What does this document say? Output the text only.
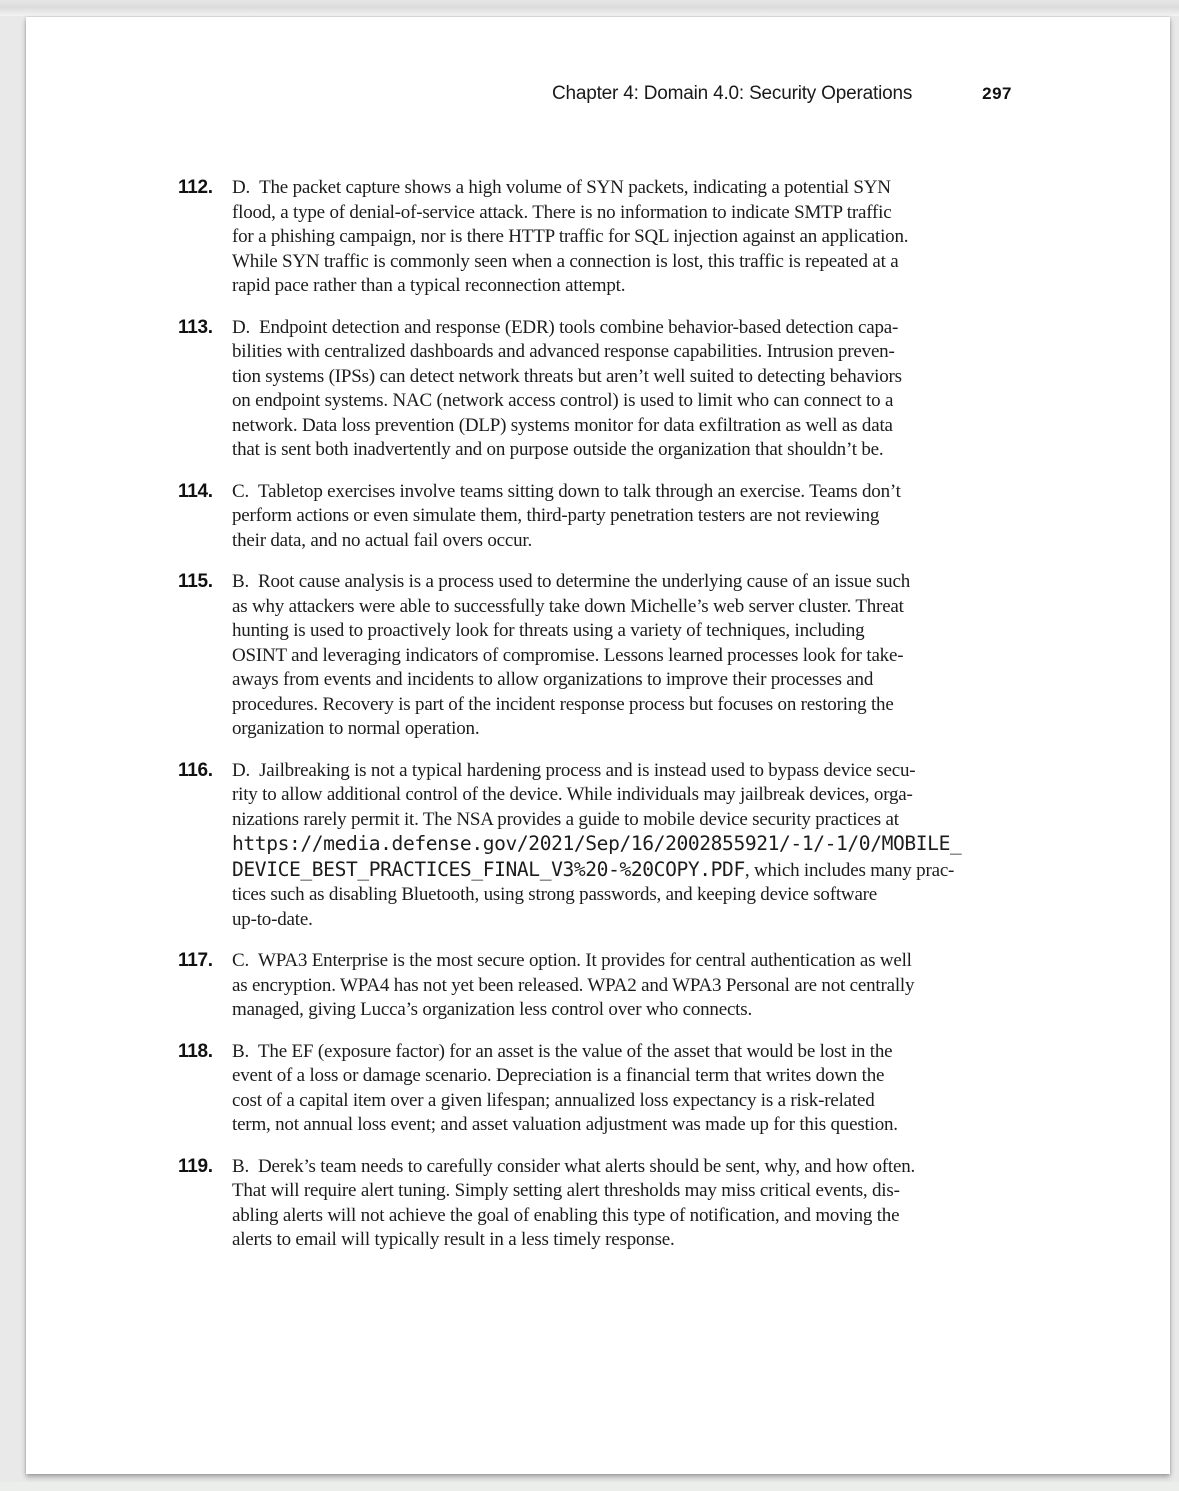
Chapter 4: Domain 4.0: Security Operations	297
112. D. The packet capture shows a high volume of SYN packets, indicating a potential SYN
flood, a type of denial-of-service attack. There is no information to indicate SMTP traffic
for a phishing campaign, nor is there HTTP traffic for SQL injection against an application.
While SYN traffic is commonly seen when a connection is lost, this traffic is repeated at a
rapid pace rather than a typical reconnection attempt.
113. D. Endpoint detection and response (EDR) tools combine behavior-based detection capa-
bilities with centralized dashboards and advanced response capabilities. Intrusion preven-
tion systems (IPSs) can detect network threats but aren’t well suited to detecting behaviors
on endpoint systems. NAC (network access control) is used to limit who can connect to a
network. Data loss prevention (DLP) systems monitor for data exfiltration as well as data
that is sent both inadvertently and on purpose outside the organization that shouldn’t be.
114. C. Tabletop exercises involve teams sitting down to talk through an exercise. Teams don’t
perform actions or even simulate them, third-party penetration testers are not reviewing
their data, and no actual fail overs occur.
115. B. Root cause analysis is a process used to determine the underlying cause of an issue such
as why attackers were able to successfully take down Michelle’s web server cluster. Threat
hunting is used to proactively look for threats using a variety of techniques, including
OSINT and leveraging indicators of compromise. Lessons learned processes look for take-
aways from events and incidents to allow organizations to improve their processes and
procedures. Recovery is part of the incident response process but focuses on restoring the
organization to normal operation.
116. D. Jailbreaking is not a typical hardening process and is instead used to bypass device secu-
rity to allow additional control of the device. While individuals may jailbreak devices, orga-
nizations rarely permit it. The NSA provides a guide to mobile device security practices at
https://media.defense.gov/2021/Sep/16/2002855921/-1/-1/0/MOBILE_
DEVICE_BEST_PRACTICES_FINAL_V3%20-%20COPY.PDF, which includes many prac-
tices such as disabling Bluetooth, using strong passwords, and keeping device software
up-to-date.
117. C. WPA3 Enterprise is the most secure option. It provides for central authentication as well
as encryption. WPA4 has not yet been released. WPA2 and WPA3 Personal are not centrally
managed, giving Lucca’s organization less control over who connects.
118. B. The EF (exposure factor) for an asset is the value of the asset that would be lost in the
event of a loss or damage scenario. Depreciation is a financial term that writes down the
cost of a capital item over a given lifespan; annualized loss expectancy is a risk-related
term, not annual loss event; and asset valuation adjustment was made up for this question.
119. B. Derek’s team needs to carefully consider what alerts should be sent, why, and how often.
That will require alert tuning. Simply setting alert thresholds may miss critical events, dis-
abling alerts will not achieve the goal of enabling this type of notification, and moving the
alerts to email will typically result in a less timely response.
